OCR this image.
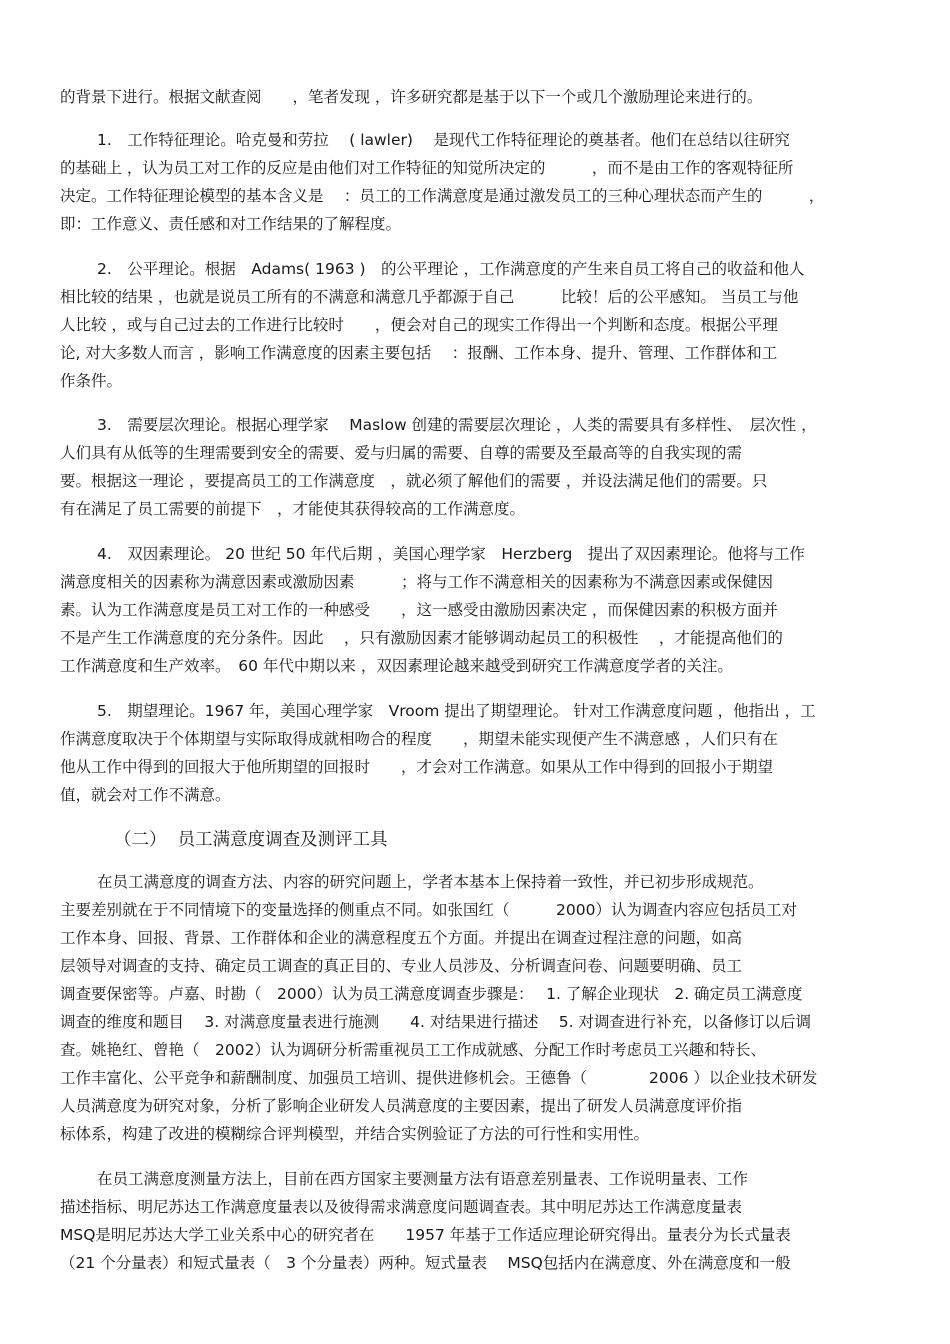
的背景下进行。根据文献查阅　　，笔者发现 ，许多研究都是基于以下一个或几个激励理论来进行的。
1.　工作特征理论。哈克曼和劳拉　 ( lawler)　 是现代工作特征理论的奠基者。他们在总结以往研究
的基础上 ，认为员工对工作的反应是由他们对工作特征的知觉所决定的　　　，而不是由工作的客观特征所
决定。工作特征理论模型的基本含义是　 ：员工的工作满意度是通过激发员工的三种心理状态而产生的　　　，
即：工作意义、责任感和对工作结果的了解程度。
2.　公平理论。根据　Adams( 1963 )　的公平理论 ，工作满意度的产生来自员工将自己的收益和他人
相比较的结果 ，也就是说员工所有的不满意和满意几乎都源于自己　　　比较！后的公平感知。 当员工与他
人比较 ，或与自己过去的工作进行比较时　　，便会对自己的现实工作得出一个判断和态度。根据公平理
论, 对大多数人而言 ，影响工作满意度的因素主要包括　 ：报酬、工作本身、提升、管理、工作群体和工
作条件。
3.　需要层次理论。根据心理学家　 Maslow 创建的需要层次理论 ，人类的需要具有多样性、　层次性 ，
人们具有从低等的生理需要到安全的需要、爱与归属的需要、自尊的需要及至最高等的自我实现的需
要。根据这一理论 ，要提高员工的工作满意度　，就必须了解他们的需要 ，并设法满足他们的需要。只
有在满足了员工需要的前提下　，才能使其获得较高的工作满意度。
4.　双因素理论。 20 世纪 50 年代后期 ，美国心理学家　Herzberg　提出了双因素理论。他将与工作
满意度相关的因素称为满意因素或激励因素　　　；将与工作不满意相关的因素称为不满意因素或保健因
素。认为工作满意度是员工对工作的一种感受　　，这一感受由激励因素决定 ，而保健因素的积极方面并
不是产生工作满意度的充分条件。因此　 ，只有激励因素才能够调动起员工的积极性　 ，才能提高他们的
工作满意度和生产效率。　60 年代中期以来 ，双因素理论越来越受到研究工作满意度学者的关注。
5.　期望理论。1967 年，美国心理学家　Vroom 提出了期望理论。 针对工作满意度问题 ，他指出 ，工
作满意度取决于个体期望与实际取得成就相吻合的程度　　，期望未能实现便产生不满意感 ，人们只有在
他从工作中得到的回报大于他所期望的回报时　　，才会对工作满意。如果从工作中得到的回报小于期望
值，就会对工作不满意。
（二）  员工满意度调查及测评工具
在员工满意度的调查方法、内容的研究问题上，学者本基本上保持着一致性，并已初步形成规范。
主要差别就在于不同情境下的变量选择的侧重点不同。如张国红（　　　2000）认为调查内容应包括员工对
工作本身、回报、背景、工作群体和企业的满意程度五个方面。并提出在调查过程注意的问题，如高
层领导对调查的支持、确定员工调查的真正目的、专业人员涉及、分析调查问卷、问题要明确、员工
调查要保密等。卢嘉、时勘（　2000）认为员工满意度调查步骤是：　 1. 了解企业现状　2. 确定员工满意度
调查的维度和题目　 3. 对满意度量表进行施测　　4. 对结果进行描述　 5. 对调查进行补充，以备修订以后调
查。姚艳红、曾艳（　2002）认为调研分析需重视员工工作成就感、分配工作时考虑员工兴趣和特长、
工作丰富化、公平竞争和薪酬制度、加强员工培训、提供进修机会。王德鲁（　　　　2006 ）以企业技术研发
人员满意度为研究对象，分析了影响企业研发人员满意度的主要因素，提出了研发人员满意度评价指
标体系，构建了改进的模糊综合评判模型，并结合实例验证了方法的可行性和实用性。
在员工满意度测量方法上，目前在西方国家主要测量方法有语意差别量表、工作说明量表、工作
描述指标、明尼苏达工作满意度量表以及彼得需求满意度问题调查表。其中明尼苏达工作满意度量表
MSQ是明尼苏达大学工业关系中心的研究者在　　1957 年基于工作适应理论研究得出。量表分为长式量表
（21 个分量表）和短式量表（　3 个分量表）两种。短式量表　 MSQ包括内在满意度、外在满意度和一般
